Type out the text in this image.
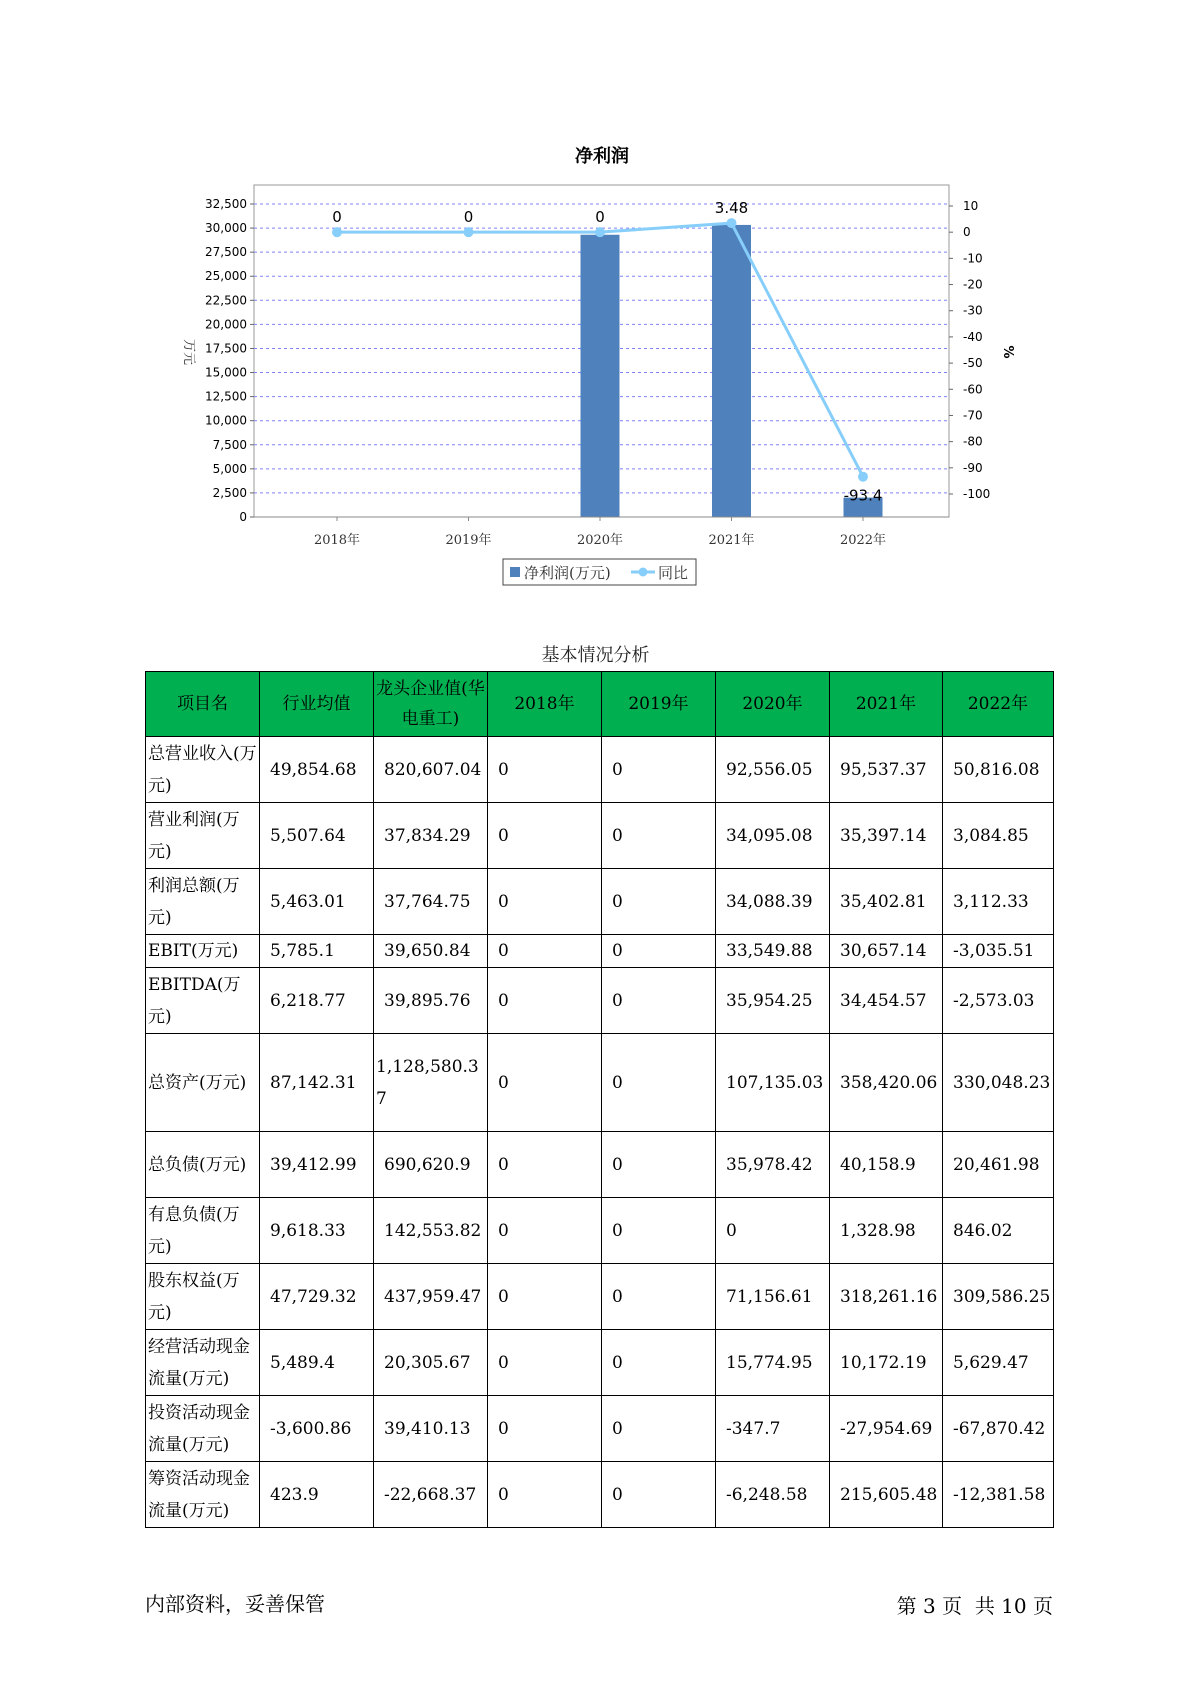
净利润
32,500
30,000
27,500
25,000
22,500
20,000
17,500
15,000
12,500
10,000
7,500
5,000
2,500
0
10
0
-10
-20
-30
-40
-50
-60
-70
-80
-90
-100
0	0	0
3.48
-93.4
2018年	2019年	2020年	2021年	2022年
万元	%
净利润(万元)	同比
基本情况分析
项目名	行业均值	龙头企业值(华电重工)	2018年	2019年	2020年	2021年	2022年
总营业收入(万元)	49,854.68	820,607.04	0	0	92,556.05	95,537.37	50,816.08
营业利润(万元)	5,507.64	37,834.29	0	0	34,095.08	35,397.14	3,084.85
利润总额(万元)	5,463.01	37,764.75	0	0	34,088.39	35,402.81	3,112.33
EBIT(万元)	5,785.1	39,650.84	0	0	33,549.88	30,657.14	-3,035.51
EBITDA(万元)	6,218.77	39,895.76	0	0	35,954.25	34,454.57	-2,573.03
总资产(万元)	87,142.31	1,128,580.37	0	0	107,135.03	358,420.06	330,048.23
总负债(万元)	39,412.99	690,620.9	0	0	35,978.42	40,158.9	20,461.98
有息负债(万元)	9,618.33	142,553.82	0	0	0	1,328.98	846.02
股东权益(万元)	47,729.32	437,959.47	0	0	71,156.61	318,261.16	309,586.25
经营活动现金流量(万元)	5,489.4	20,305.67	0	0	15,774.95	10,172.19	5,629.47
投资活动现金流量(万元)	-3,600.86	39,410.13	0	0	-347.7	-27,954.69	-67,870.42
筹资活动现金流量(万元)	423.9	-22,668.37	0	0	-6,248.58	215,605.48	-12,381.58
内部资料，妥善保管	第 3 页  共 10 页
